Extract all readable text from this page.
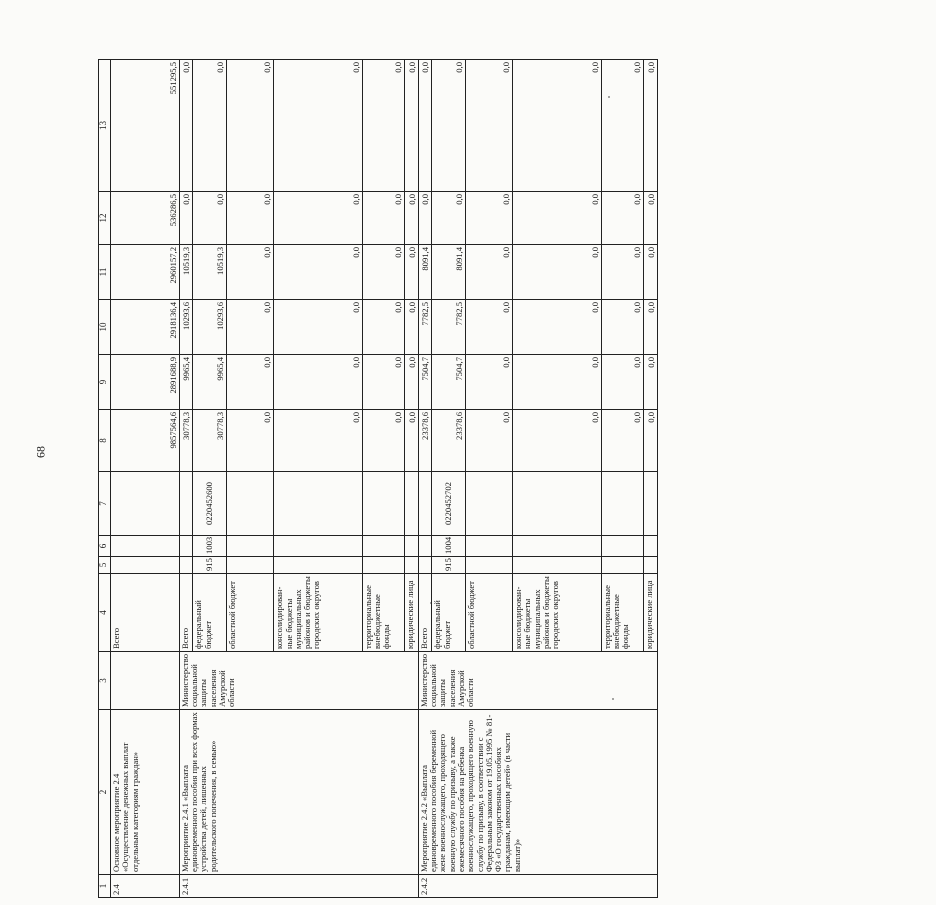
68
1	2	3	4	5	6	7	8	9	10	11	12	13
2.4	Основное мероприятие 2.4 «Осуществление денежных выплат отдельным категориям граждан»		Всего				9857564,6	2891688,9	2918136,4	2960157,2	536286,5	551295,5
2.4.1	Мероприятие 2.4.1 «Выплата единовременного пособия при всех формах устройства детей, лишенных родительского попечения, в семью»	Министерство социальной защиты населения Амурской области	Всего				30778,3	9965,4	10293,6	10519,3	0,0	0,0
			федеральный бюджет	915	1003	0220452600	30778,3	9965,4	10293,6	10519,3	0,0	0,0
			областной бюджет				0,0	0,0	0,0	0,0	0,0	0,0
			консолидирован-ные бюджеты муниципальных районов и бюджеты городских округов				0,0	0,0	0,0	0,0	0,0	0,0
			территориальные внебюджетные фонды				0,0	0,0	0,0	0,0	0,0	0,0
			юридические лица				0,0	0,0	0,0	0,0	0,0	0,0
2.4.2	Мероприятие 2.4.2 «Выплата единовременного пособия беременной жене военнослужащего, проходящего военную службу по призыву, а также ежемесячного пособия на ребенка военнослужащего, проходящего военную службу по призыву, в соответствии с Федеральным законом от 19.05.1995 № 81-ФЗ «О государственных пособиях гражданам, имеющим детей» (в части выплат)»	Министерство социальной защиты населения Амурской области	Всего				23378,6	7504,7	7782,5	8091,4	0,0	0,0
			федеральный бюджет	915	1004	0220452702	23378,6	7504,7	7782,5	8091,4	0,0	0,0
			областной бюджет				0,0	0,0	0,0	0,0	0,0	0,0
			консолидирован-ные бюджеты муниципальных районов и бюджеты городских округов				0,0	0,0	0,0	0,0	0,0	0,0
			территориальные внебюджетные фонды				0,0	0,0	0,0	0,0	0,0	0,0
			юридические лица				0,0	0,0	0,0	0,0	0,0	0,0
